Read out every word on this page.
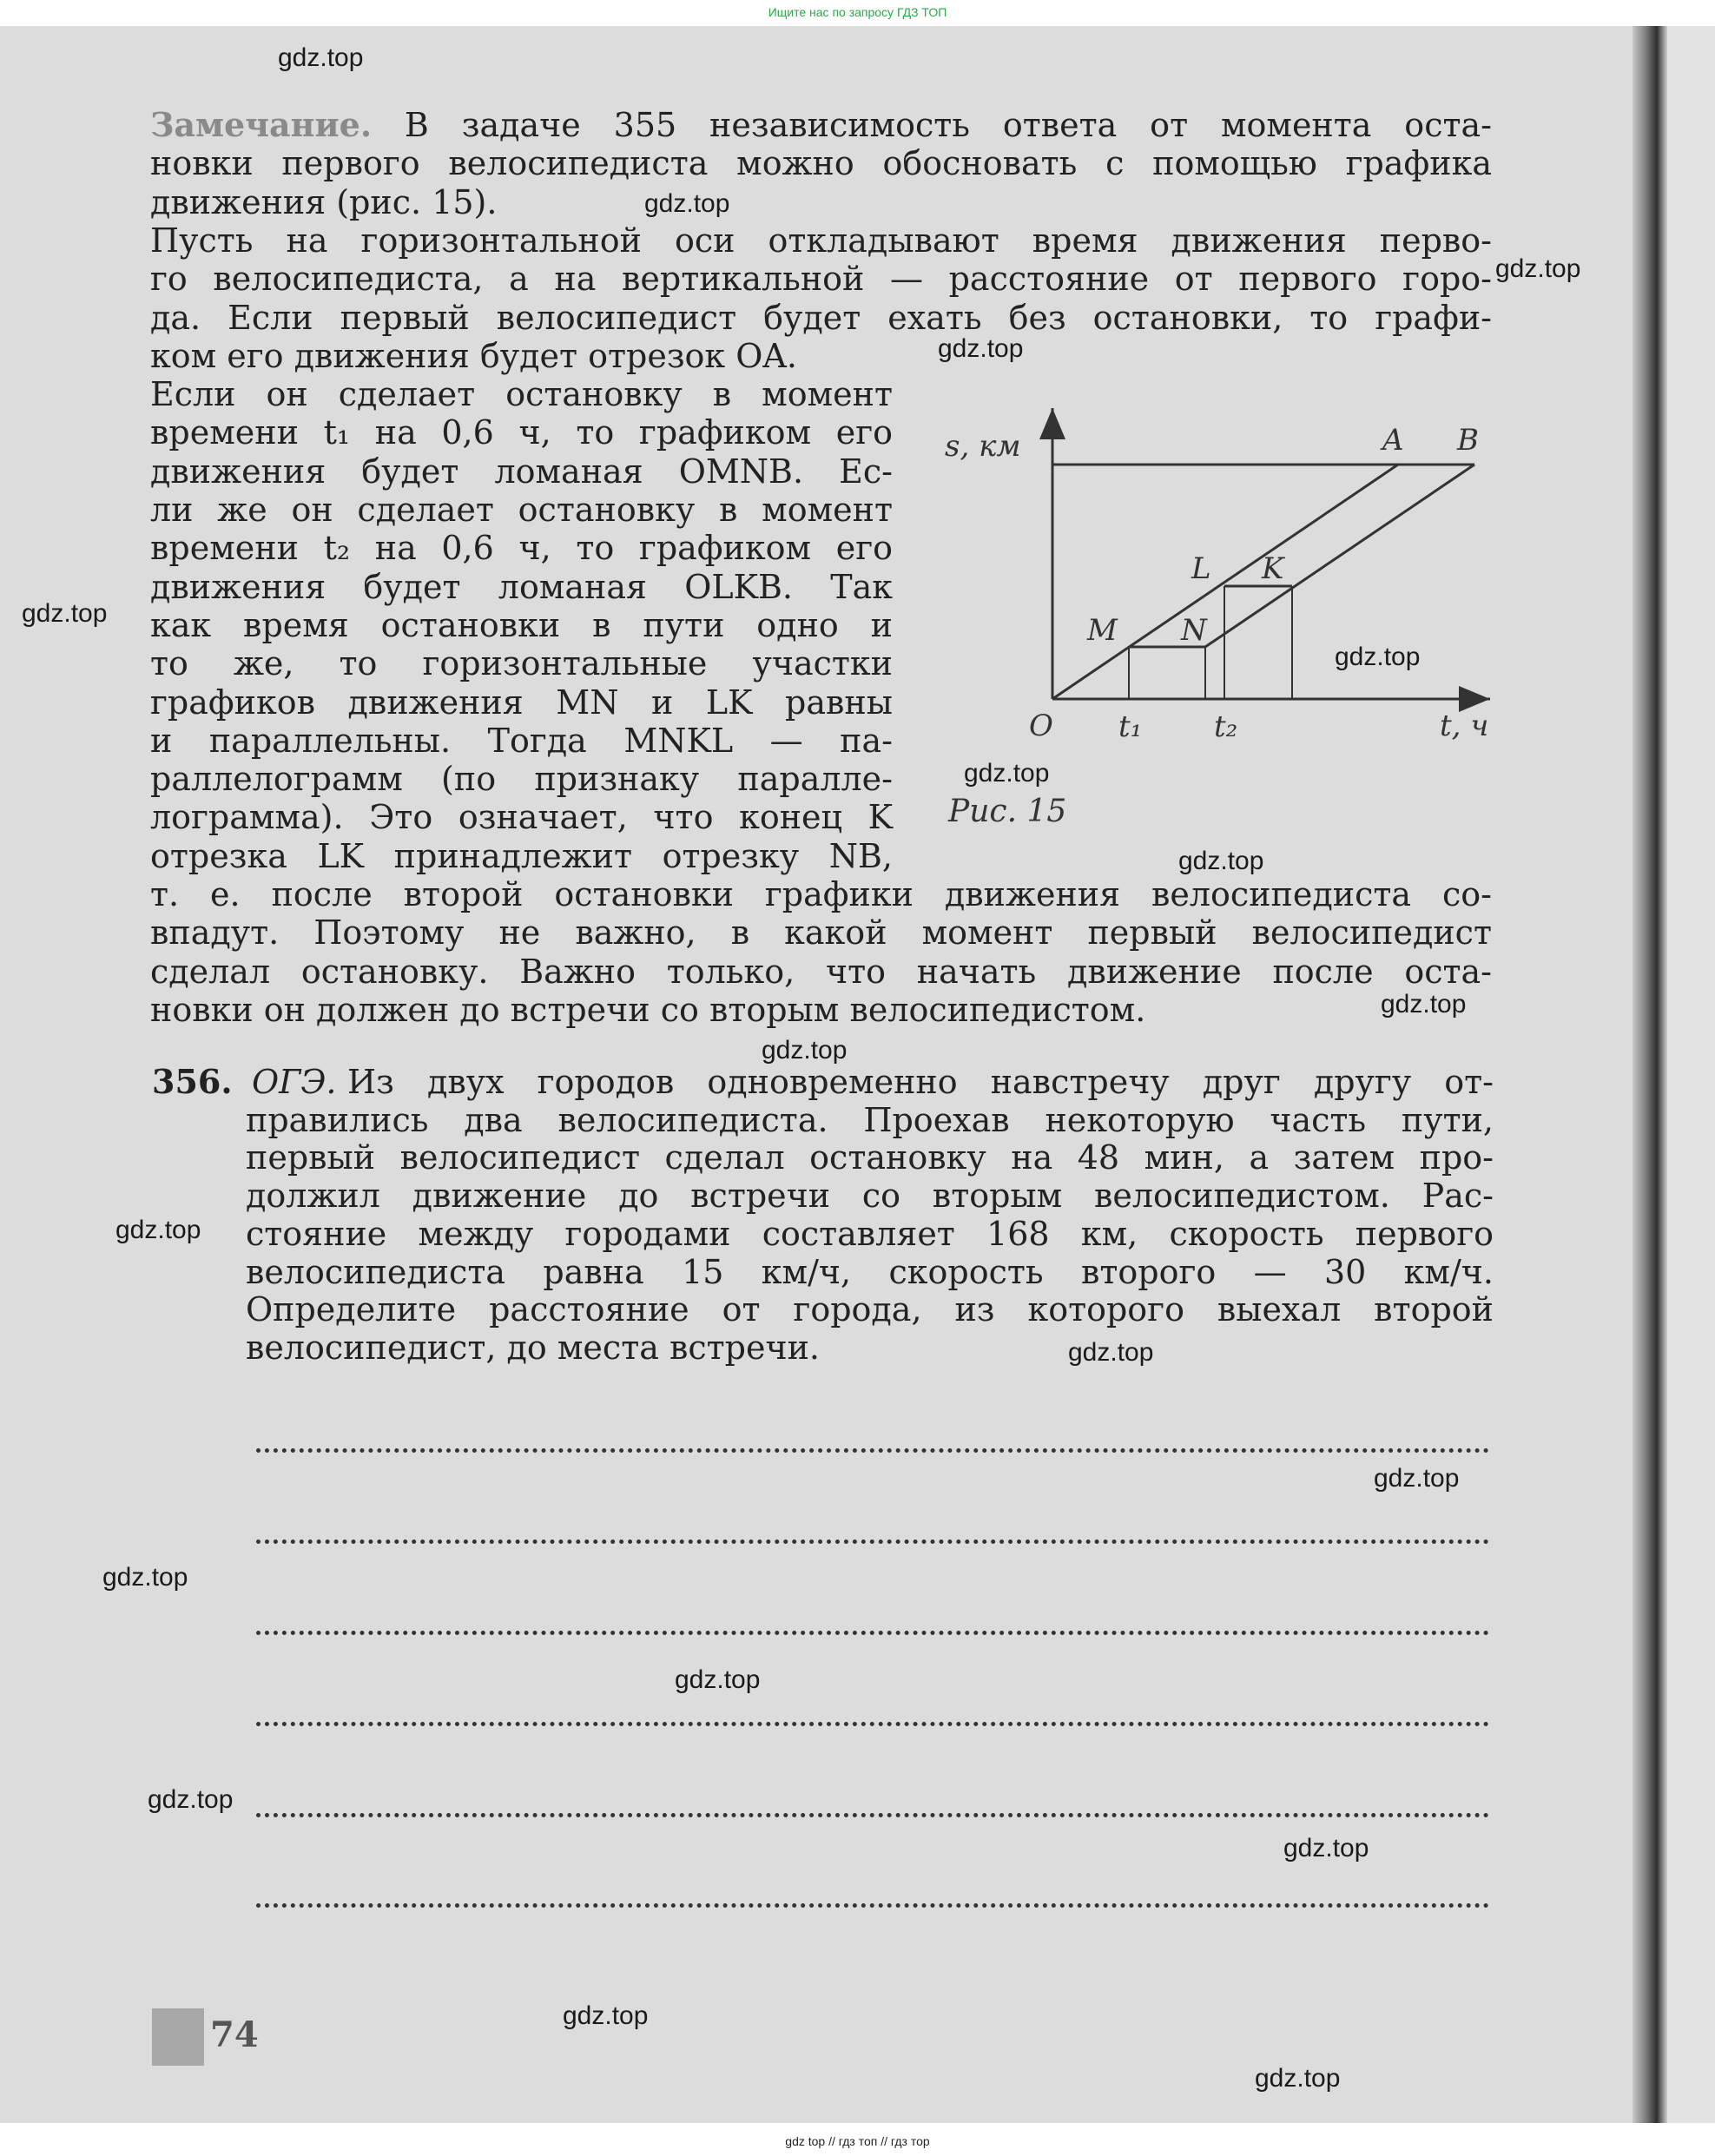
Ищите нас по запросу ГДЗ ТОП
Замечание. В задаче 355 независимость ответа от момента оста-
новки первого велосипедиста можно обосновать с помощью графика
движения (рис. 15).
Пусть на горизонтальной оси откладывают время движения перво-
го велосипедиста, а на вертикальной — расстояние от первого горо-
да. Если первый велосипедист будет ехать без остановки, то графи-
ком его движения будет отрезок OA.
Если он сделает остановку в момент
времени t₁ на 0,6 ч, то графиком его
движения будет ломаная OMNB. Ес-
ли же он сделает остановку в момент
времени t₂ на 0,6 ч, то графиком его
движения будет ломаная OLKB. Так
как время остановки в пути одно и
то же, то горизонтальные участки
графиков движения MN и LK равны
и параллельны. Тогда MNKL — па-
раллелограмм (по признаку паралле-
лограмма). Это означает, что конец K
отрезка LK принадлежит отрезку NB,
т. е. после второй остановки графики движения велосипедиста со-
впадут. Поэтому не важно, в какой момент первый велосипедист
сделал остановку. Важно только, что начать движение после оста-
новки он должен до встречи со вторым велосипедистом.
s, км
t, ч
O
A B
L K
M N
t₁ t₂
Рис. 15
356. ОГЭ. Из двух городов одновременно навстречу друг другу от-
правились два велосипедиста. Проехав некоторую часть пути,
первый велосипедист сделал остановку на 48 мин, а затем про-
должил движение до встречи со вторым велосипедистом. Рас-
стояние между городами составляет 168 км, скорость первого
велосипедиста равна 15 км/ч, скорость второго — 30 км/ч.
Определите расстояние от города, из которого выехал второй
велосипедист, до места встречи.
74
gdz.top
gdz.top
gdz.top
gdz.top
gdz.top
gdz.top
gdz.top
gdz.top
gdz.top
gdz.top
gdz.top
gdz.top
gdz.top
gdz.top
gdz.top
gdz.top
gdz.top
gdz.top
gdz.top
gdz top // гдз топ // гдз тор
